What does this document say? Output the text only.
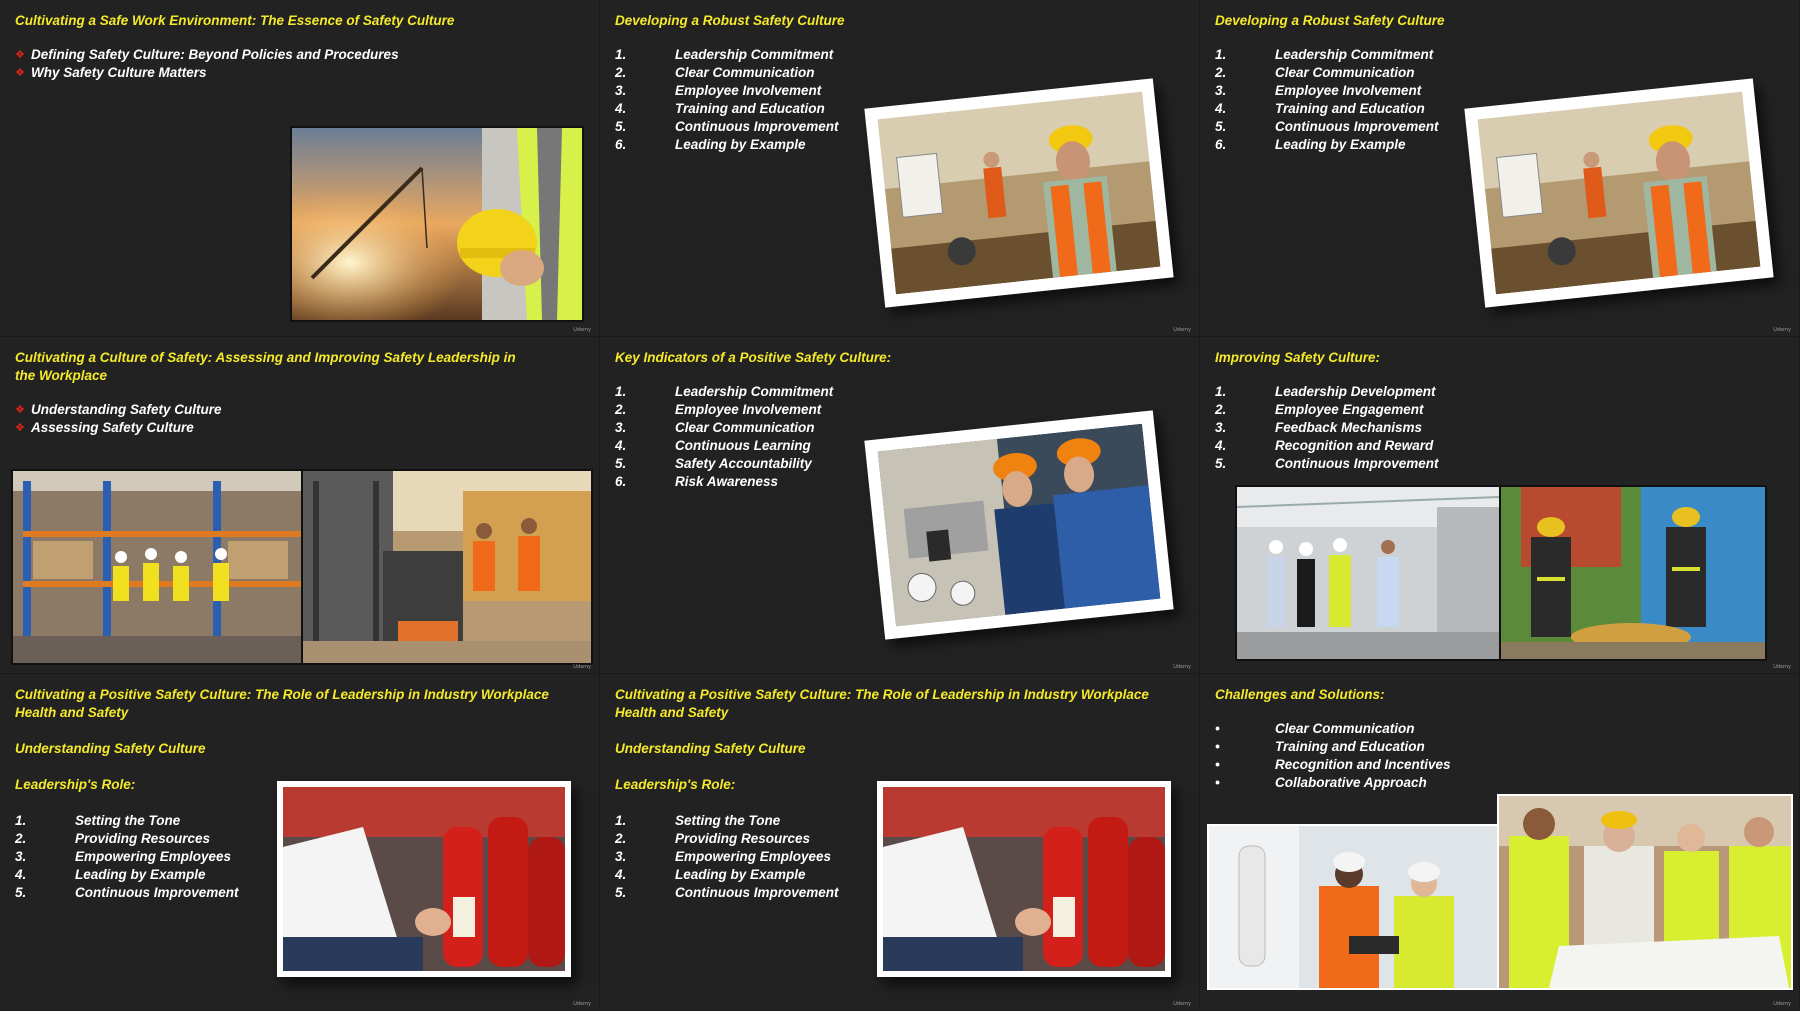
Cultivating a Safe Work Environment: The Essence of Safety Culture
❖ Defining Safety Culture: Beyond Policies and Procedures
❖ Why Safety Culture Matters
Udemy
Developing a Robust Safety Culture
1.	Leadership Commitment
2.	Clear Communication
3.	Employee Involvement
4.	Training and Education
5.	Continuous Improvement
6.	Leading by Example
Udemy
Developing a Robust Safety Culture
1.	Leadership Commitment
2.	Clear Communication
3.	Employee Involvement
4.	Training and Education
5.	Continuous Improvement
6.	Leading by Example
Udemy
Cultivating a Culture of Safety: Assessing and Improving Safety Leadership in the Workplace
❖ Understanding Safety Culture
❖ Assessing Safety Culture
Udemy
Key Indicators of a Positive Safety Culture:
1.	Leadership Commitment
2.	Employee Involvement
3.	Clear Communication
4.	Continuous Learning
5.	Safety Accountability
6.	Risk Awareness
Udemy
Improving Safety Culture:
1.	Leadership Development
2.	Employee Engagement
3.	Feedback Mechanisms
4.	Recognition and Reward
5.	Continuous Improvement
Udemy
Cultivating a Positive Safety Culture: The Role of Leadership in Industry Workplace Health and Safety
Understanding Safety Culture
Leadership's Role:
1.	Setting the Tone
2.	Providing Resources
3.	Empowering Employees
4.	Leading by Example
5.	Continuous Improvement
Udemy
Cultivating a Positive Safety Culture: The Role of Leadership in Industry Workplace Health and Safety
Understanding Safety Culture
Leadership's Role:
1.	Setting the Tone
2.	Providing Resources
3.	Empowering Employees
4.	Leading by Example
5.	Continuous Improvement
Udemy
Challenges and Solutions:
•	Clear Communication
•	Training and Education
•	Recognition and Incentives
•	Collaborative Approach
Udemy
